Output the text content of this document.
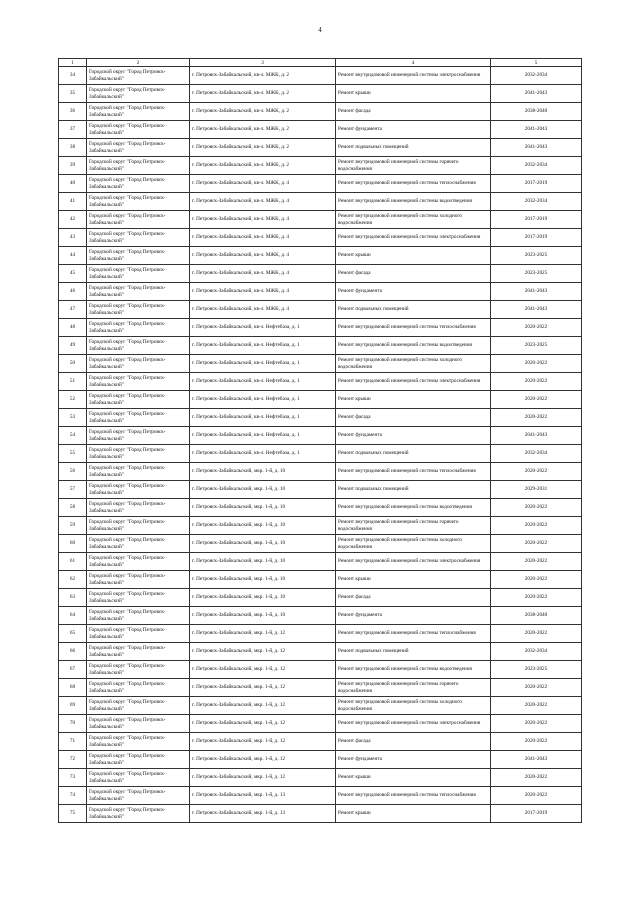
4
1	2	3	4	5
34	Городской округ "Город Петровск-Забайкальский"	г. Петровск-Забайкальский, кв-л. МЖК, д. 2	Ремонт внутридомовой инженерной системы электроснабжения	2032-2034
35	Городской округ "Город Петровск-Забайкальский"	г. Петровск-Забайкальский, кв-л. МЖК, д. 2	Ремонт крыши	2041-2043
36	Городской округ "Город Петровск-Забайкальский"	г. Петровск-Забайкальский, кв-л. МЖК, д. 2	Ремонт фасада	2038-2040
37	Городской округ "Город Петровск-Забайкальский"	г. Петровск-Забайкальский, кв-л. МЖК, д. 2	Ремонт фундамента	2041-2043
38	Городской округ "Город Петровск-Забайкальский"	г. Петровск-Забайкальский, кв-л. МЖК, д. 2	Ремонт подвальных помещений	2041-2043
39	Городской округ "Город Петровск-Забайкальский"	г. Петровск-Забайкальский, кв-л. МЖК, д. 2	Ремонт внутридомовой инженерной системы горячего водоснабжения	2032-2034
40	Городской округ "Город Петровск-Забайкальский"	г. Петровск-Забайкальский, кв-л. МЖК, д. 4	Ремонт внутридомовой инженерной системы теплоснабжения	2017-2019
41	Городской округ "Город Петровск-Забайкальский"	г. Петровск-Забайкальский, кв-л. МЖК, д. 4	Ремонт внутридомовой инженерной системы водоотведения	2032-2034
42	Городской округ "Город Петровск-Забайкальский"	г. Петровск-Забайкальский, кв-л. МЖК, д. 4	Ремонт внутридомовой инженерной системы холодного водоснабжения	2017-2019
43	Городской округ "Город Петровск-Забайкальский"	г. Петровск-Забайкальский, кв-л. МЖК, д. 4	Ремонт внутридомовой инженерной системы электроснабжения	2017-2019
44	Городской округ "Город Петровск-Забайкальский"	г. Петровск-Забайкальский, кв-л. МЖК, д. 4	Ремонт крыши	2023-2025
45	Городской округ "Город Петровск-Забайкальский"	г. Петровск-Забайкальский, кв-л. МЖК, д. 4	Ремонт фасада	2023-2025
46	Городской округ "Город Петровск-Забайкальский"	г. Петровск-Забайкальский, кв-л. МЖК, д. 4	Ремонт фундамента	2041-2043
47	Городской округ "Город Петровск-Забайкальский"	г. Петровск-Забайкальский, кв-л. МЖК, д. 4	Ремонт подвальных помещений	2041-2043
48	Городской округ "Город Петровск-Забайкальский"	г. Петровск-Забайкальский, кв-л. Нефтебаза, д. 1	Ремонт внутридомовой инженерной системы теплоснабжения	2020-2022
49	Городской округ "Город Петровск-Забайкальский"	г. Петровск-Забайкальский, кв-л. Нефтебаза, д. 1	Ремонт внутридомовой инженерной системы водоотведения	2023-2025
50	Городской округ "Город Петровск-Забайкальский"	г. Петровск-Забайкальский, кв-л. Нефтебаза, д. 1	Ремонт внутридомовой инженерной системы холодного водоснабжения	2020-2022
51	Городской округ "Город Петровск-Забайкальский"	г. Петровск-Забайкальский, кв-л. Нефтебаза, д. 1	Ремонт внутридомовой инженерной системы электроснабжения	2020-2022
52	Городской округ "Город Петровск-Забайкальский"	г. Петровск-Забайкальский, кв-л. Нефтебаза, д. 1	Ремонт крыши	2020-2022
53	Городской округ "Город Петровск-Забайкальский"	г. Петровск-Забайкальский, кв-л. Нефтебаза, д. 1	Ремонт фасада	2020-2022
54	Городской округ "Город Петровск-Забайкальский"	г. Петровск-Забайкальский, кв-л. Нефтебаза, д. 1	Ремонт фундамента	2041-2043
55	Городской округ "Город Петровск-Забайкальский"	г. Петровск-Забайкальский, кв-л. Нефтебаза, д. 1	Ремонт подвальных помещений	2032-2034
56	Городской округ "Город Петровск-Забайкальский"	г. Петровск-Забайкальский, мкр. 1-й, д. 10	Ремонт внутридомовой инженерной системы теплоснабжения	2020-2022
57	Городской округ "Город Петровск-Забайкальский"	г. Петровск-Забайкальский, мкр. 1-й, д. 10	Ремонт подвальных помещений	2029-2031
58	Городской округ "Город Петровск-Забайкальский"	г. Петровск-Забайкальский, мкр. 1-й, д. 10	Ремонт внутридомовой инженерной системы водоотведения	2020-2022
59	Городской округ "Город Петровск-Забайкальский"	г. Петровск-Забайкальский, мкр. 1-й, д. 10	Ремонт внутридомовой инженерной системы горячего водоснабжения	2020-2022
60	Городской округ "Город Петровск-Забайкальский"	г. Петровск-Забайкальский, мкр. 1-й, д. 10	Ремонт внутридомовой инженерной системы холодного водоснабжения	2020-2022
61	Городской округ "Город Петровск-Забайкальский"	г. Петровск-Забайкальский, мкр. 1-й, д. 10	Ремонт внутридомовой инженерной системы электроснабжения	2020-2022
62	Городской округ "Город Петровск-Забайкальский"	г. Петровск-Забайкальский, мкр. 1-й, д. 10	Ремонт крыши	2020-2022
63	Городской округ "Город Петровск-Забайкальский"	г. Петровск-Забайкальский, мкр. 1-й, д. 10	Ремонт фасада	2020-2022
64	Городской округ "Город Петровск-Забайкальский"	г. Петровск-Забайкальский, мкр. 1-й, д. 10	Ремонт фундамента	2038-2040
65	Городской округ "Город Петровск-Забайкальский"	г. Петровск-Забайкальский, мкр. 1-й, д. 12	Ремонт внутридомовой инженерной системы теплоснабжения	2020-2022
66	Городской округ "Город Петровск-Забайкальский"	г. Петровск-Забайкальский, мкр. 1-й, д. 12	Ремонт подвальных помещений	2032-2034
67	Городской округ "Город Петровск-Забайкальский"	г. Петровск-Забайкальский, мкр. 1-й, д. 12	Ремонт внутридомовой инженерной системы водоотведения	2023-2025
68	Городской округ "Город Петровск-Забайкальский"	г. Петровск-Забайкальский, мкр. 1-й, д. 12	Ремонт внутридомовой инженерной системы горячего водоснабжения	2020-2022
69	Городской округ "Город Петровск-Забайкальский"	г. Петровск-Забайкальский, мкр. 1-й, д. 12	Ремонт внутридомовой инженерной системы холодного водоснабжения	2020-2022
70	Городской округ "Город Петровск-Забайкальский"	г. Петровск-Забайкальский, мкр. 1-й, д. 12	Ремонт внутридомовой инженерной системы электроснабжения	2020-2022
71	Городской округ "Город Петровск-Забайкальский"	г. Петровск-Забайкальский, мкр. 1-й, д. 12	Ремонт фасада	2020-2022
72	Городской округ "Город Петровск-Забайкальский"	г. Петровск-Забайкальский, мкр. 1-й, д. 12	Ремонт фундамента	2041-2043
73	Городской округ "Город Петровск-Забайкальский"	г. Петровск-Забайкальский, мкр. 1-й, д. 12	Ремонт крыши	2020-2022
74	Городской округ "Город Петровск-Забайкальский"	г. Петровск-Забайкальский, мкр. 1-й, д. 13	Ремонт внутридомовой инженерной системы теплоснабжения	2020-2022
75	Городской округ "Город Петровск-Забайкальский"	г. Петровск-Забайкальский, мкр. 1-й, д. 13	Ремонт крыши	2017-2019
